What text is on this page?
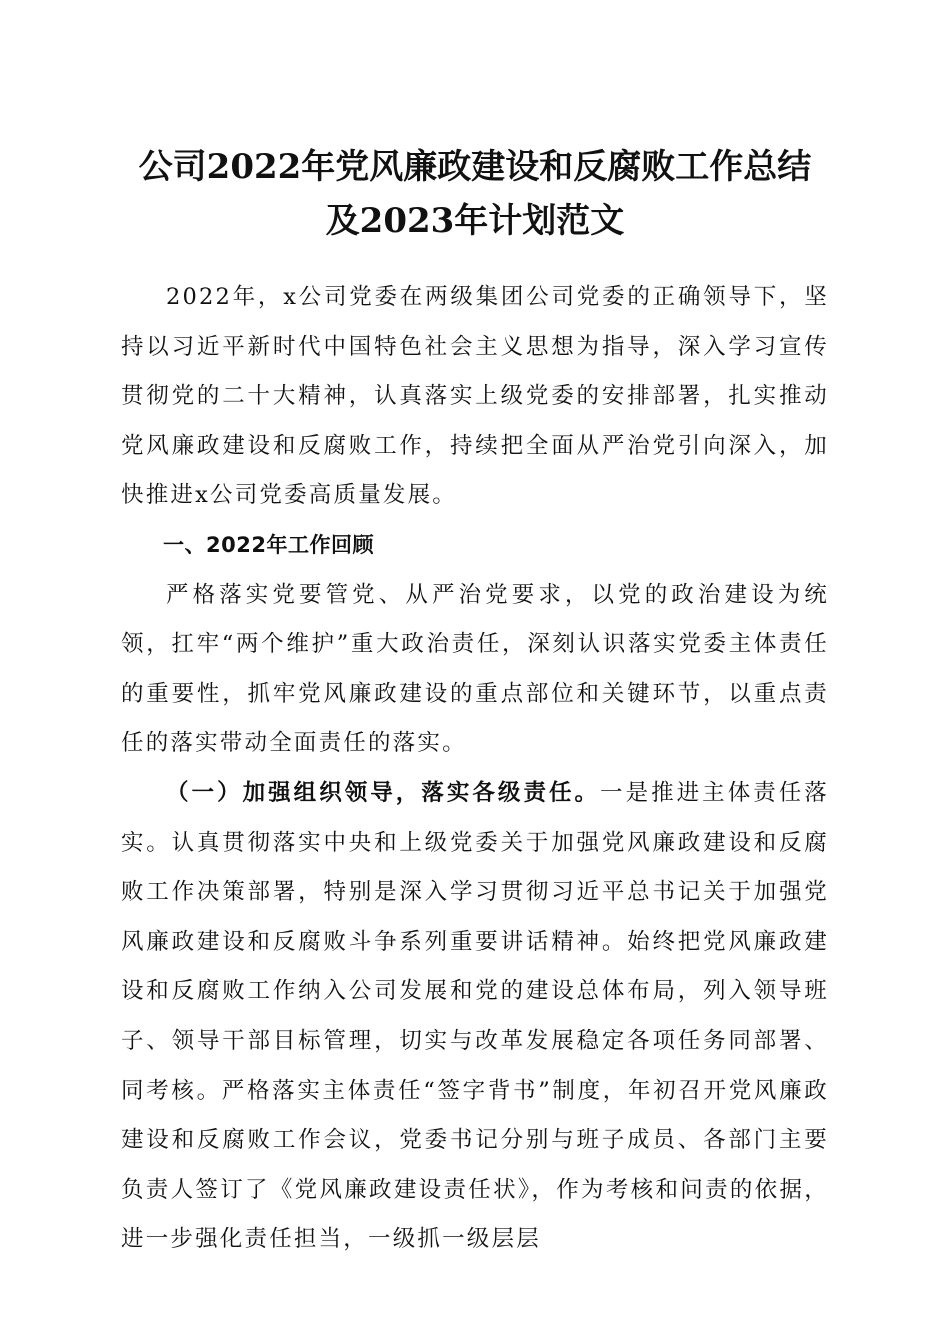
公司2022年党风廉政建设和反腐败工作总结
及2023年计划范文

2022年，x公司党委在两级集团公司党委的正确领导下，坚持以习近平新时代中国特色社会主义思想为指导，深入学习宣传贯彻党的二十大精神，认真落实上级党委的安排部署，扎实推动党风廉政建设和反腐败工作，持续把全面从严治党引向深入，加快推进x公司党委高质量发展。

一、2022年工作回顾

严格落实党要管党、从严治党要求，以党的政治建设为统领，扛牢“两个维护”重大政治责任，深刻认识落实党委主体责任的重要性，抓牢党风廉政建设的重点部位和关键环节，以重点责任的落实带动全面责任的落实。

（一）加强组织领导，落实各级责任。一是推进主体责任落实。认真贯彻落实中央和上级党委关于加强党风廉政建设和反腐败工作决策部署，特别是深入学习贯彻习近平总书记关于加强党风廉政建设和反腐败斗争系列重要讲话精神。始终把党风廉政建设和反腐败工作纳入公司发展和党的建设总体布局，列入领导班子、领导干部目标管理，切实与改革发展稳定各项任务同部署、同考核。严格落实主体责任“签字背书”制度，年初召开党风廉政建设和反腐败工作会议，党委书记分别与班子成员、各部门主要负责人签订了《党风廉政建设责任状》，作为考核和问责的依据，进一步强化责任担当，一级抓一级层层
